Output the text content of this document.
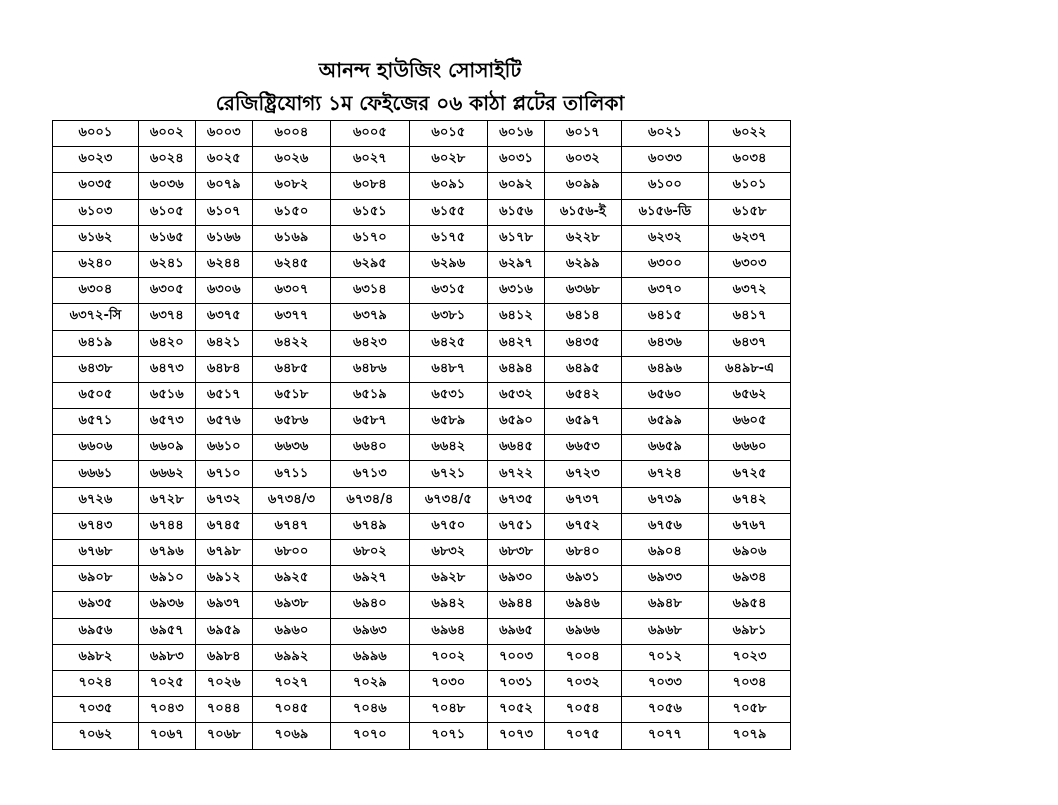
আনন্দ হাউজিং সোসাইটি
রেজিষ্ট্রিযোগ্য ১ম ফেইজের ০৬ কাঠা প্লটের তালিকা
৬০০১	৬০০২	৬০০৩	৬০০৪	৬০০৫	৬০১৫	৬০১৬	৬০১৭	৬০২১	৬০২২
৬০২৩	৬০২৪	৬০২৫	৬০২৬	৬০২৭	৬০২৮	৬০৩১	৬০৩২	৬০৩৩	৬০৩৪
৬০৩৫	৬০৩৬	৬০৭৯	৬০৮২	৬০৮৪	৬০৯১	৬০৯২	৬০৯৯	৬১০০	৬১০১
৬১০৩	৬১০৫	৬১০৭	৬১৫০	৬১৫১	৬১৫৫	৬১৫৬	৬১৫৬-ই	৬১৫৬-ডি	৬১৫৮
৬১৬২	৬১৬৫	৬১৬৬	৬১৬৯	৬১৭০	৬১৭৫	৬১৭৮	৬২২৮	৬২৩২	৬২৩৭
৬২৪০	৬২৪১	৬২৪৪	৬২৪৫	৬২৯৫	৬২৯৬	৬২৯৭	৬২৯৯	৬৩০০	৬৩০৩
৬৩০৪	৬৩০৫	৬৩০৬	৬৩০৭	৬৩১৪	৬৩১৫	৬৩১৬	৬৩৬৮	৬৩৭০	৬৩৭২
৬৩৭২-সি	৬৩৭৪	৬৩৭৫	৬৩৭৭	৬৩৭৯	৬৩৮১	৬৪১২	৬৪১৪	৬৪১৫	৬৪১৭
৬৪১৯	৬৪২০	৬৪২১	৬৪২২	৬৪২৩	৬৪২৫	৬৪২৭	৬৪৩৫	৬৪৩৬	৬৪৩৭
৬৪৩৮	৬৪৭৩	৬৪৮৪	৬৪৮৫	৬৪৮৬	৬৪৮৭	৬৪৯৪	৬৪৯৫	৬৪৯৬	৬৪৯৮-এ
৬৫০৫	৬৫১৬	৬৫১৭	৬৫১৮	৬৫১৯	৬৫৩১	৬৫৩২	৬৫৪২	৬৫৬০	৬৫৬২
৬৫৭১	৬৫৭৩	৬৫৭৬	৬৫৮৬	৬৫৮৭	৬৫৮৯	৬৫৯০	৬৫৯৭	৬৫৯৯	৬৬০৫
৬৬০৬	৬৬০৯	৬৬১০	৬৬৩৬	৬৬৪০	৬৬৪২	৬৬৪৫	৬৬৫৩	৬৬৫৯	৬৬৬০
৬৬৬১	৬৬৬২	৬৭১০	৬৭১১	৬৭১৩	৬৭২১	৬৭২২	৬৭২৩	৬৭২৪	৬৭২৫
৬৭২৬	৬৭২৮	৬৭৩২	৬৭৩৪/৩	৬৭৩৪/৪	৬৭৩৪/৫	৬৭৩৫	৬৭৩৭	৬৭৩৯	৬৭৪২
৬৭৪৩	৬৭৪৪	৬৭৪৫	৬৭৪৭	৬৭৪৯	৬৭৫০	৬৭৫১	৬৭৫২	৬৭৫৬	৬৭৬৭
৬৭৬৮	৬৭৯৬	৬৭৯৮	৬৮০০	৬৮০২	৬৮৩২	৬৮৩৮	৬৮৪০	৬৯০৪	৬৯০৬
৬৯০৮	৬৯১০	৬৯১২	৬৯২৫	৬৯২৭	৬৯২৮	৬৯৩০	৬৯৩১	৬৯৩৩	৬৯৩৪
৬৯৩৫	৬৯৩৬	৬৯৩৭	৬৯৩৮	৬৯৪০	৬৯৪২	৬৯৪৪	৬৯৪৬	৬৯৪৮	৬৯৫৪
৬৯৫৬	৬৯৫৭	৬৯৫৯	৬৯৬০	৬৯৬৩	৬৯৬৪	৬৯৬৫	৬৯৬৬	৬৯৬৮	৬৯৮১
৬৯৮২	৬৯৮৩	৬৯৮৪	৬৯৯২	৬৯৯৬	৭০০২	৭০০৩	৭০০৪	৭০১২	৭০২৩
৭০২৪	৭০২৫	৭০২৬	৭০২৭	৭০২৯	৭০৩০	৭০৩১	৭০৩২	৭০৩৩	৭০৩৪
৭০৩৫	৭০৪৩	৭০৪৪	৭০৪৫	৭০৪৬	৭০৪৮	৭০৫২	৭০৫৪	৭০৫৬	৭০৫৮
৭০৬২	৭০৬৭	৭০৬৮	৭০৬৯	৭০৭০	৭০৭১	৭০৭৩	৭০৭৫	৭০৭৭	৭০৭৯
